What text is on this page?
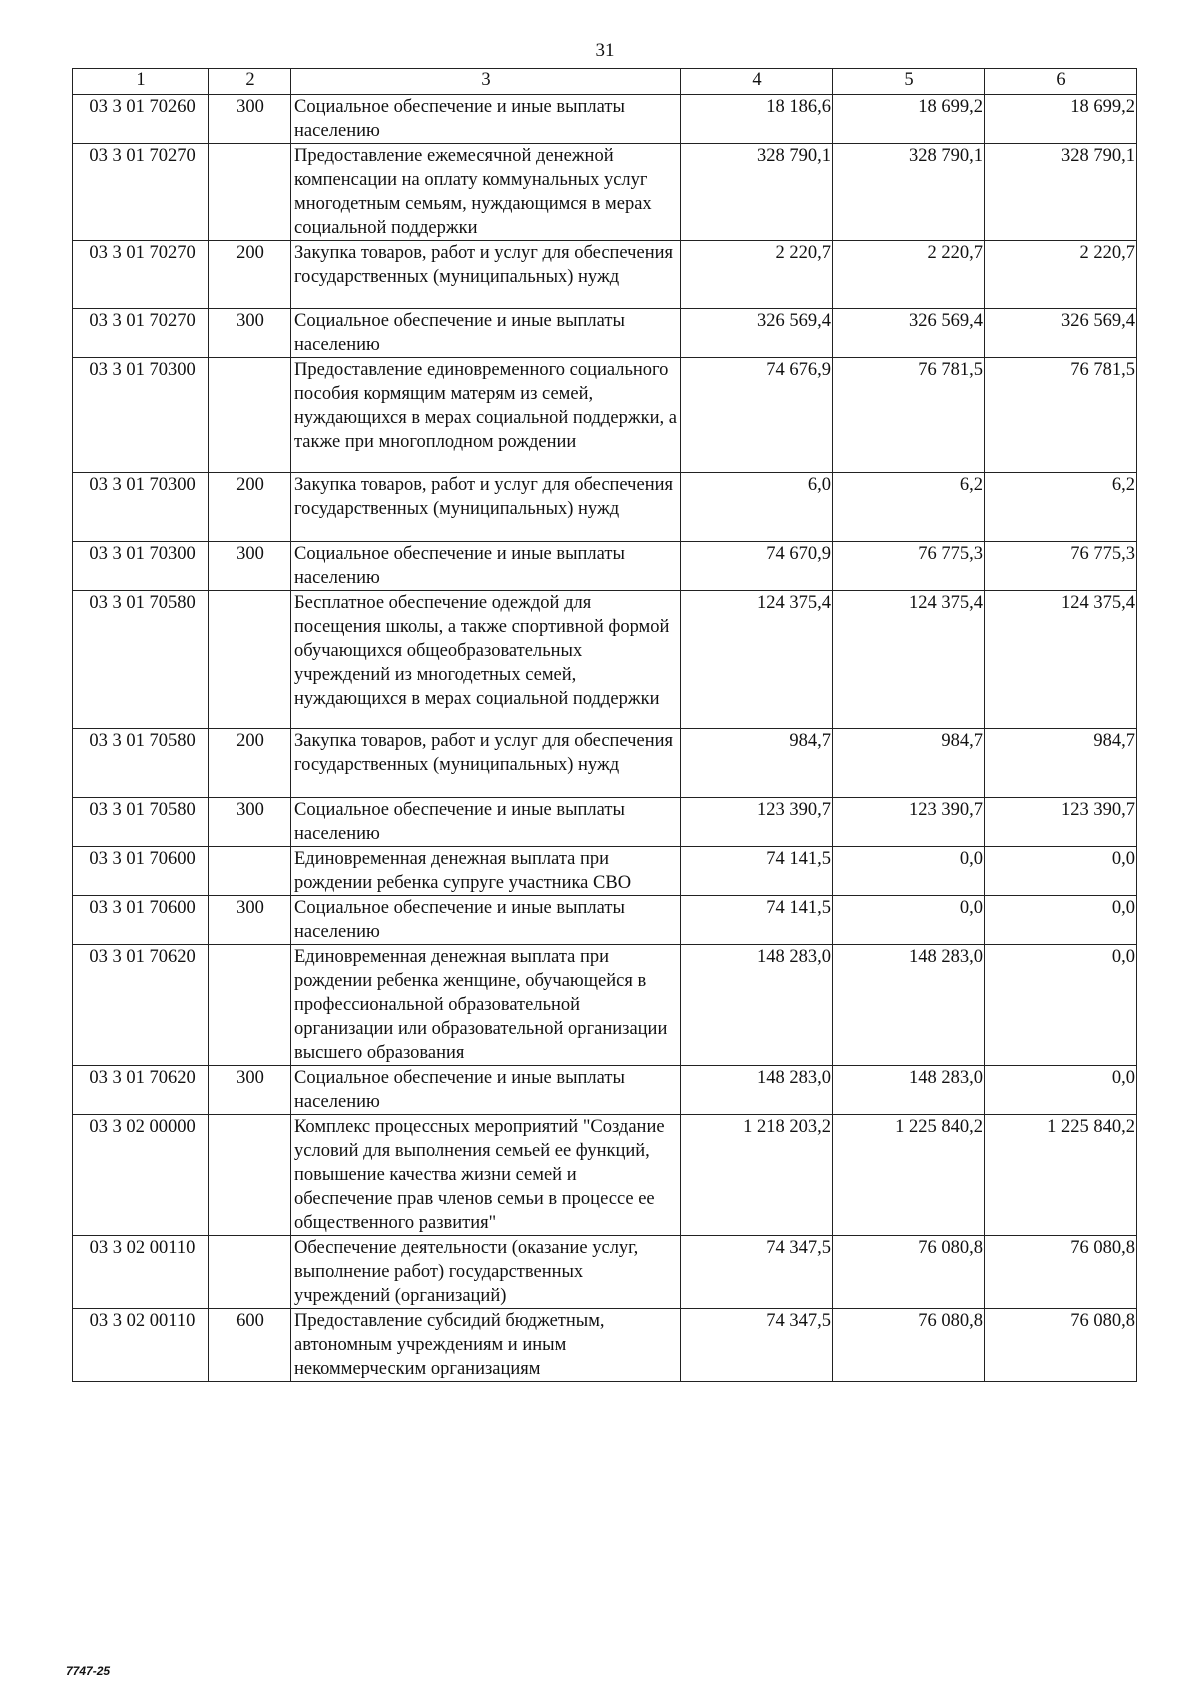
31
1	2	3	4	5	6
03 3 01 70260	300	Социальное обеспечение и иные выплаты населению	18 186,6	18 699,2	18 699,2
03 3 01 70270		Предоставление ежемесячной денежной компенсации на оплату коммунальных услуг многодетным семьям, нуждающимся в мерах социальной поддержки	328 790,1	328 790,1	328 790,1
03 3 01 70270	200	Закупка товаров, работ и услуг для обеспечения государственных (муниципальных) нужд	2 220,7	2 220,7	2 220,7
03 3 01 70270	300	Социальное обеспечение и иные выплаты населению	326 569,4	326 569,4	326 569,4
03 3 01 70300		Предоставление единовременного социального пособия кормящим матерям из семей, нуждающихся в мерах социальной поддержки, а также при многоплодном рождении	74 676,9	76 781,5	76 781,5
03 3 01 70300	200	Закупка товаров, работ и услуг для обеспечения государственных (муниципальных) нужд	6,0	6,2	6,2
03 3 01 70300	300	Социальное обеспечение и иные выплаты населению	74 670,9	76 775,3	76 775,3
03 3 01 70580		Бесплатное обеспечение одеждой для посещения школы, а также спортивной формой обучающихся общеобразовательных учреждений из многодетных семей, нуждающихся в мерах социальной поддержки	124 375,4	124 375,4	124 375,4
03 3 01 70580	200	Закупка товаров, работ и услуг для обеспечения государственных (муниципальных) нужд	984,7	984,7	984,7
03 3 01 70580	300	Социальное обеспечение и иные выплаты населению	123 390,7	123 390,7	123 390,7
03 3 01 70600		Единовременная денежная выплата при рождении ребенка супруге участника СВО	74 141,5	0,0	0,0
03 3 01 70600	300	Социальное обеспечение и иные выплаты населению	74 141,5	0,0	0,0
03 3 01 70620		Единовременная денежная выплата при рождении ребенка женщине, обучающейся в профессиональной образовательной организации или образовательной организации высшего образования	148 283,0	148 283,0	0,0
03 3 01 70620	300	Социальное обеспечение и иные выплаты населению	148 283,0	148 283,0	0,0
03 3 02 00000		Комплекс процессных мероприятий "Создание условий для выполнения семьей ее функций, повышение качества жизни семей и обеспечение прав членов семьи в процессе ее общественного развития"	1 218 203,2	1 225 840,2	1 225 840,2
03 3 02 00110		Обеспечение деятельности (оказание услуг, выполнение работ) государственных учреждений (организаций)	74 347,5	76 080,8	76 080,8
03 3 02 00110	600	Предоставление субсидий бюджетным, автономным учреждениям и иным некоммерческим организациям	74 347,5	76 080,8	76 080,8
7747-25
